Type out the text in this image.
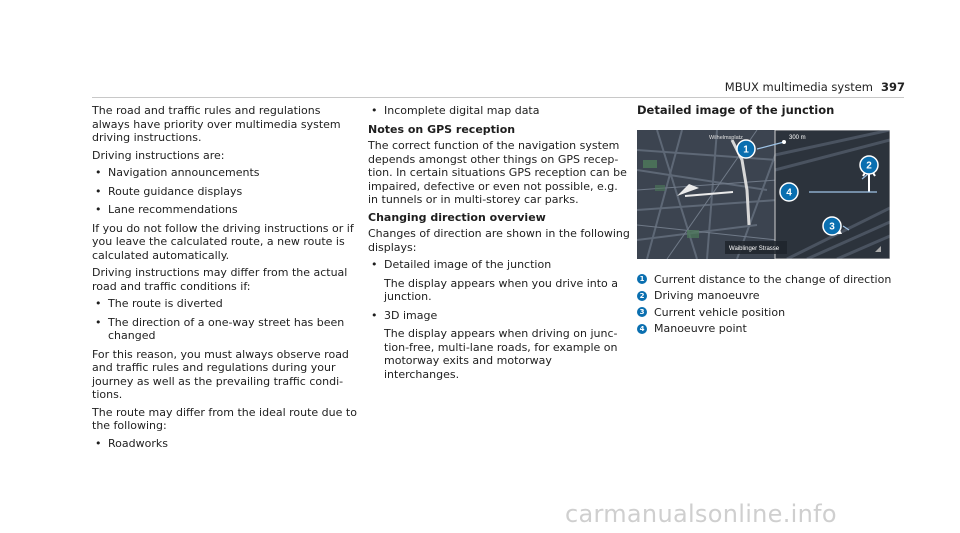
MBUX multimedia system 397

The road and traffic rules and regulations always have priority over multimedia system driving instructions.

Driving instructions are:

• Navigation announcements
• Route guidance displays
• Lane recommendations

If you do not follow the driving instructions or if you leave the calculated route, a new route is calculated automatically.

Driving instructions may differ from the actual road and traffic conditions if:

• The route is diverted
• The direction of a one-way street has been changed

For this reason, you must always observe road and traffic rules and regulations during your journey as well as the prevailing traffic condi-tions.

The route may differ from the ideal route due to the following:

• Roadworks
• Incomplete digital map data

Notes on GPS reception

The correct function of the navigation system depends amongst other things on GPS recep-tion. In certain situations GPS reception can be impaired, defective or even not possible, e.g. in tunnels or in multi-storey car parks.

Changing direction overview

Changes of direction are shown in the following displays:

• Detailed image of the junction
The display appears when you drive into a junction.
• 3D image
The display appears when driving on junc-tion-free, multi-lane roads, for example on motorway exits and motorway interchanges.

Detailed image of the junction

Wilhelmsplatz	300 m
Waiblinger Strasse
1
2
3
4
1 Current distance to the change of direction
2 Driving manoeuvre
3 Current vehicle position
4 Manoeuvre point
carmanualsonline.info
